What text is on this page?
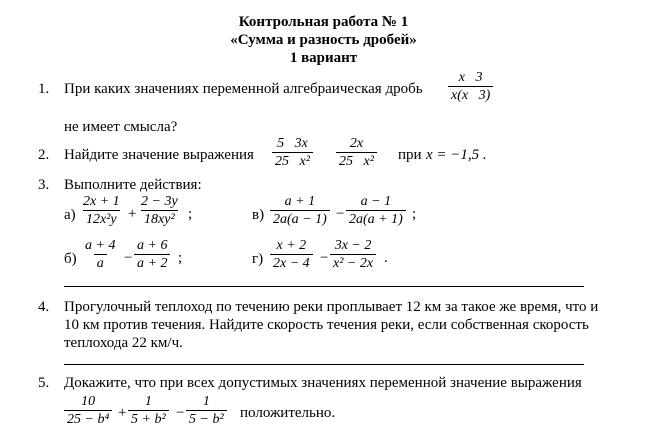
Контрольная работа № 1
«Сумма и разность дробей»
1 вариант
1. При каких значениях переменной алгебраическая дробь $\frac{x 3}{x(x 3)}$
не имеет смысла?
2. Найдите значение выражения $\frac{5 3x}{\text{25   x²}} \frac{2x}{\text{25   x²}}$ при x = −1,5 .
3. Выполните действия:
$а) \frac{2x + 1}{\text{12x²y}} + \frac{2 - 3y}{\text{18xy²}}$ ;
$б) \frac{a + 4}{a} - \frac{a + 6}{a + 2}$ ;
$в) \frac{a + 1}{2a(a - 1)} - \frac{a - 1}{2a(a + 1)}$ ;
$г) \frac{x + 2}{2x - 4} - \frac{3x - 2}{\text{x² − 2x}}$ .
4. Прогулочный теплоход по течению реки проплывает 12 км за такое же время, что и
10 км против течения. Найдите скорость течения реки, если собственная скорость
теплохода 22 км/ч.
5. Докажите, что при всех допустимых значениях переменной значение выражения
$\frac{10}{\text{25 − b⁴}} + \frac{1}{\text{5 + b²}} - \frac{1}{\text{5 − b²}}$ положительно.
